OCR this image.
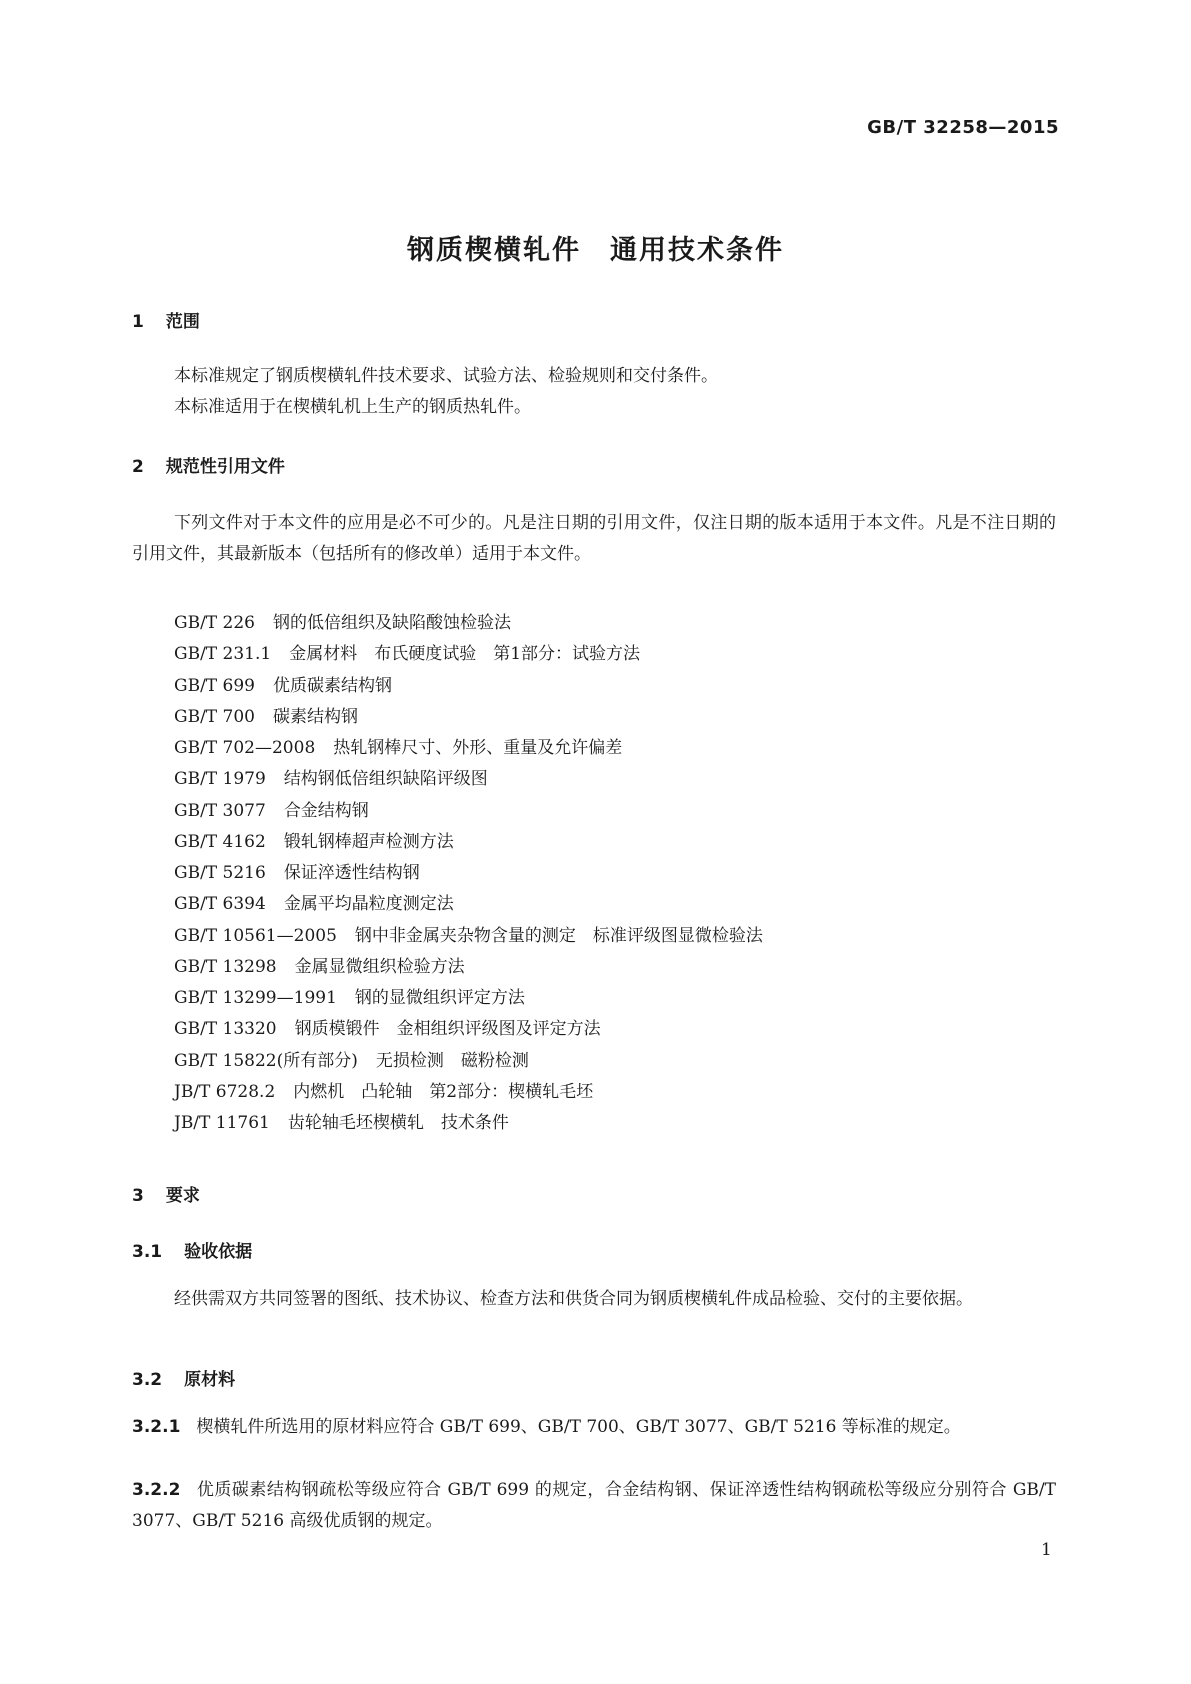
GB/T 32258—2015
钢质楔横轧件　通用技术条件
1 范围
本标准规定了钢质楔横轧件技术要求、试验方法、检验规则和交付条件。
本标准适用于在楔横轧机上生产的钢质热轧件。
2 规范性引用文件
下列文件对于本文件的应用是必不可少的。凡是注日期的引用文件，仅注日期的版本适用于本文件。凡是不注日期的引用文件，其最新版本（包括所有的修改单）适用于本文件。
GB/T 226 钢的低倍组织及缺陷酸蚀检验法
GB/T 231.1 金属材料　布氏硬度试验　第1部分：试验方法
GB/T 699 优质碳素结构钢
GB/T 700 碳素结构钢
GB/T 702—2008 热轧钢棒尺寸、外形、重量及允许偏差
GB/T 1979 结构钢低倍组织缺陷评级图
GB/T 3077 合金结构钢
GB/T 4162 锻轧钢棒超声检测方法
GB/T 5216 保证淬透性结构钢
GB/T 6394 金属平均晶粒度测定法
GB/T 10561—2005 钢中非金属夹杂物含量的测定　标准评级图显微检验法
GB/T 13298 金属显微组织检验方法
GB/T 13299—1991 钢的显微组织评定方法
GB/T 13320 钢质模锻件　金相组织评级图及评定方法
GB/T 15822(所有部分) 无损检测　磁粉检测
JB/T 6728.2 内燃机　凸轮轴　第2部分：楔横轧毛坯
JB/T 11761 齿轮轴毛坯楔横轧　技术条件
3 要求
3.1 验收依据
经供需双方共同签署的图纸、技术协议、检查方法和供货合同为钢质楔横轧件成品检验、交付的主要依据。
3.2 原材料
3.2.1 楔横轧件所选用的原材料应符合 GB/T 699、GB/T 700、GB/T 3077、GB/T 5216 等标准的规定。
3.2.2 优质碳素结构钢疏松等级应符合 GB/T 699 的规定，合金结构钢、保证淬透性结构钢疏松等级应分别符合 GB/T 3077、GB/T 5216 高级优质钢的规定。
1
